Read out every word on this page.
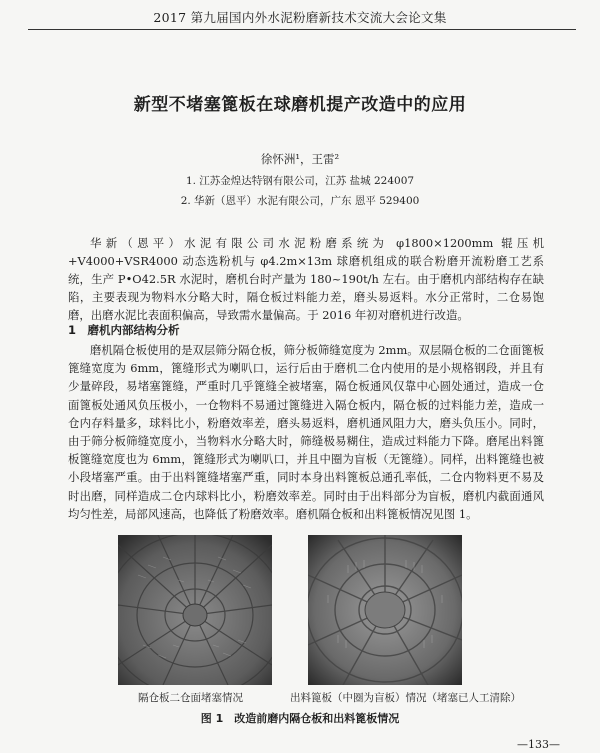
2017 第九届国内外水泥粉磨新技术交流大会论文集
新型不堵塞篦板在球磨机提产改造中的应用
徐怀洲¹，王雷²
1. 江苏金煌达特钢有限公司，江苏 盐城 224007
2. 华新（恩平）水泥有限公司，广东 恩平 529400
华新（恩平）水泥有限公司水泥粉磨系统为 φ1800×1200mm 辊压机 +V4000+VSR4000 动态选粉机与 φ4.2m×13m 球磨机组成的联合粉磨开流粉磨工艺系统，生产 P•O42.5R 水泥时，磨机台时产量为 180~190t/h 左右。由于磨机内部结构存在缺陷，主要表现为物料水分略大时，隔仓板过料能力差，磨头易返料。水分正常时，二仓易饱磨，出磨水泥比表面积偏高，导致需水量偏高。于 2016 年初对磨机进行改造。
1　磨机内部结构分析
磨机隔仓板使用的是双层筛分隔仓板，筛分板筛缝宽度为 2mm。双层隔仓板的二仓面篦板篦缝宽度为 6mm，篦缝形式为喇叭口，运行后由于磨机二仓内使用的是小规格钢段，并且有少量碎段，易堵塞篦缝，严重时几乎篦缝全被堵塞，隔仓板通风仅靠中心圆处通过，造成一仓面篦板处通风负压极小，一仓物料不易通过篦缝进入隔仓板内，隔仓板的过料能力差，造成一仓内存料量多，球料比小，粉磨效率差，磨头易返料，磨机通风阻力大，磨头负压小。同时，由于筛分板筛缝宽度小，当物料水分略大时，筛缝极易糊住，造成过料能力下降。磨尾出料篦板篦缝宽度也为 6mm，篦缝形式为喇叭口，并且中圈为盲板（无篦缝）。同样，出料篦缝也被小段堵塞严重。由于出料篦缝堵塞严重，同时本身出料篦板总通孔率低，二仓内物料更不易及时出磨，同样造成二仓内球料比小，粉磨效率差。同时由于出料部分为盲板，磨机内截面通风均匀性差，局部风速高，也降低了粉磨效率。磨机隔仓板和出料篦板情况见图 1。
隔仓板二仓面堵塞情况	出料篦板（中圈为盲板）情况（堵塞已人工清除）
图 1　改造前磨内隔仓板和出料篦板情况
—133—
